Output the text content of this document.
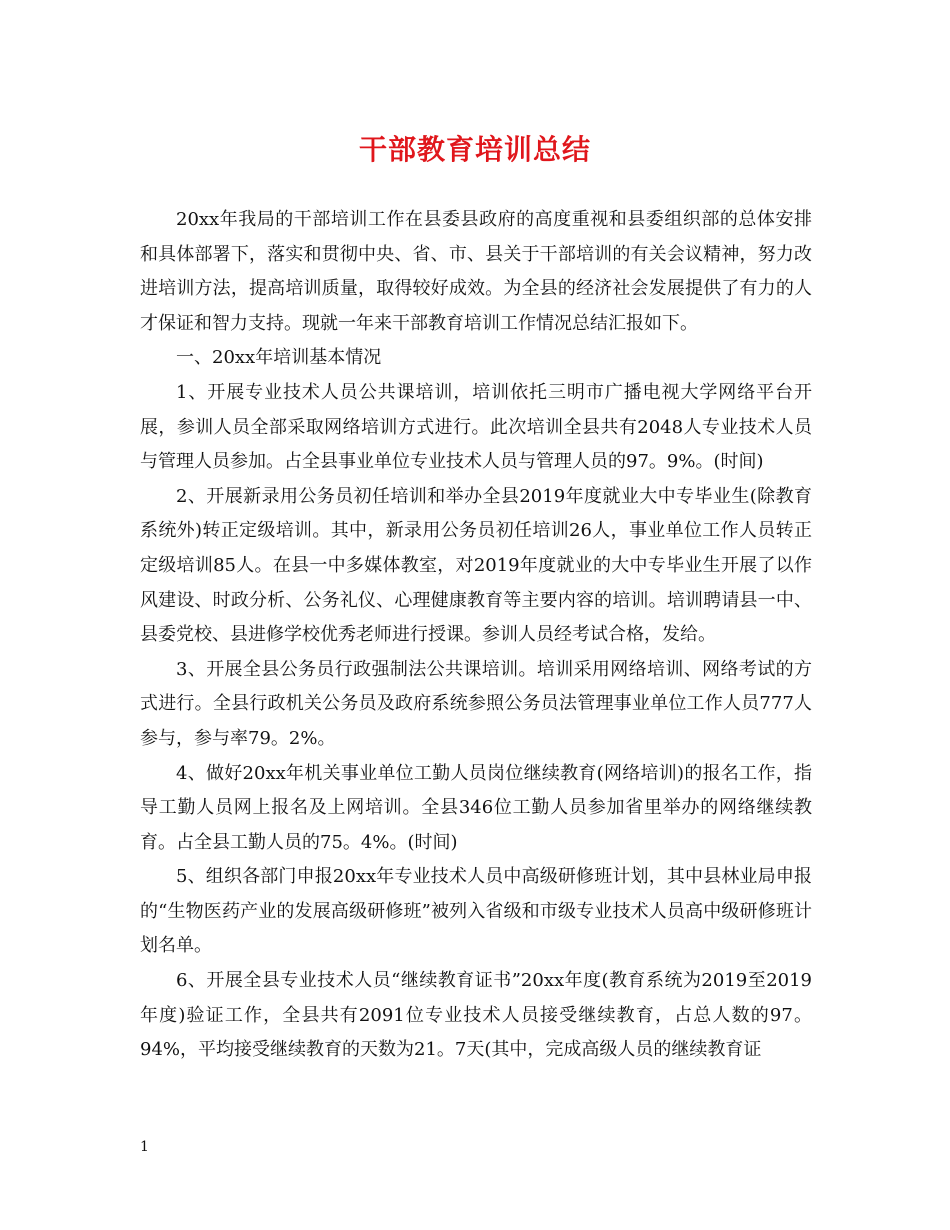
干部教育培训总结

20xx年我局的干部培训工作在县委县政府的高度重视和县委组织部的总体安排和具体部署下，落实和贯彻中央、省、市、县关于干部培训的有关会议精神，努力改进培训方法，提高培训质量，取得较好成效。为全县的经济社会发展提供了有力的人才保证和智力支持。现就一年来干部教育培训工作情况总结汇报如下。

一、20xx年培训基本情况

1、开展专业技术人员公共课培训，培训依托三明市广播电视大学网络平台开展，参训人员全部采取网络培训方式进行。此次培训全县共有2048人专业技术人员与管理人员参加。占全县事业单位专业技术人员与管理人员的97。9%。(时间)

2、开展新录用公务员初任培训和举办全县2019年度就业大中专毕业生(除教育系统外)转正定级培训。其中，新录用公务员初任培训26人，事业单位工作人员转正定级培训85人。在县一中多媒体教室，对2019年度就业的大中专毕业生开展了以作风建设、时政分析、公务礼仪、心理健康教育等主要内容的培训。培训聘请县一中、县委党校、县进修学校优秀老师进行授课。参训人员经考试合格，发给。

3、开展全县公务员行政强制法公共课培训。培训采用网络培训、网络考试的方式进行。全县行政机关公务员及政府系统参照公务员法管理事业单位工作人员777人参与，参与率79。2%。

4、做好20xx年机关事业单位工勤人员岗位继续教育(网络培训)的报名工作，指导工勤人员网上报名及上网培训。全县346位工勤人员参加省里举办的网络继续教育。占全县工勤人员的75。4%。(时间)

5、组织各部门申报20xx年专业技术人员中高级研修班计划，其中县林业局申报的“生物医药产业的发展高级研修班”被列入省级和市级专业技术人员高中级研修班计划名单。

6、开展全县专业技术人员“继续教育证书”20xx年度(教育系统为2019至2019年度)验证工作，全县共有2091位专业技术人员接受继续教育，占总人数的97。94%，平均接受继续教育的天数为21。7天(其中，完成高级人员的继续教育证

1
